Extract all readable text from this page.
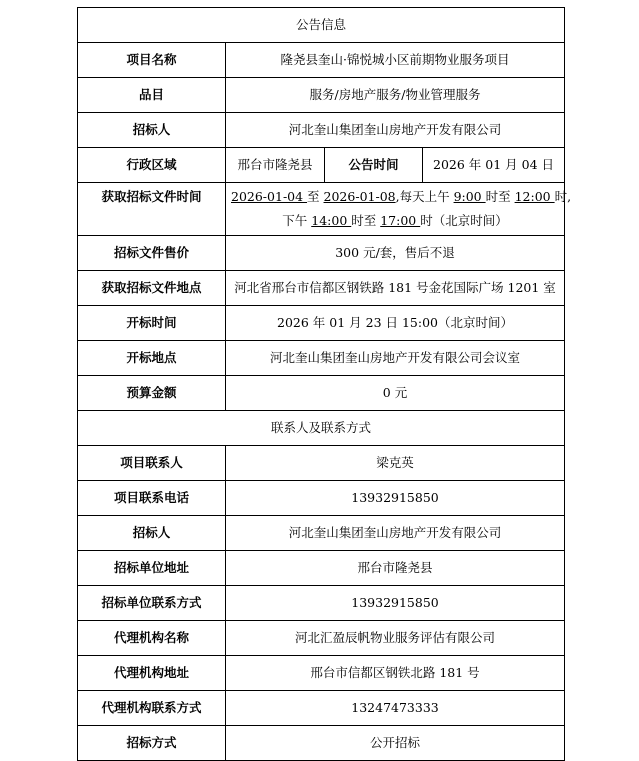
公告信息			
项目名称	隆尧县奎山·锦悦城小区前期物业服务项目		
品目	服务/房地产服务/物业管理服务		
招标人	河北奎山集团奎山房地产开发有限公司		
行政区域	邢台市隆尧县	公告时间	2026 年 01 月 04 日
获取招标文件时间	2026-01-04 至 2026-01-08,每天上午 9:00 时至 12:00 时,
下午 14:00 时至 17:00 时（北京时间）		

招标文件售价	300 元/套，售后不退		
获取招标文件地点	河北省邢台市信都区钢铁路 181 号金花国际广场 1201 室		
开标时间	2026 年 01 月 23 日 15:00（北京时间）		
开标地点	河北奎山集团奎山房地产开发有限公司会议室		
预算金额	0 元		
联系人及联系方式			
项目联系人	梁克英		
项目联系电话	13932915850		
招标人	河北奎山集团奎山房地产开发有限公司		
招标单位地址	邢台市隆尧县		
招标单位联系方式	13932915850		
代理机构名称	河北汇盈辰帆物业服务评估有限公司		
代理机构地址	邢台市信都区钢铁北路 181 号		
代理机构联系方式	13247473333		
招标方式	公开招标		
